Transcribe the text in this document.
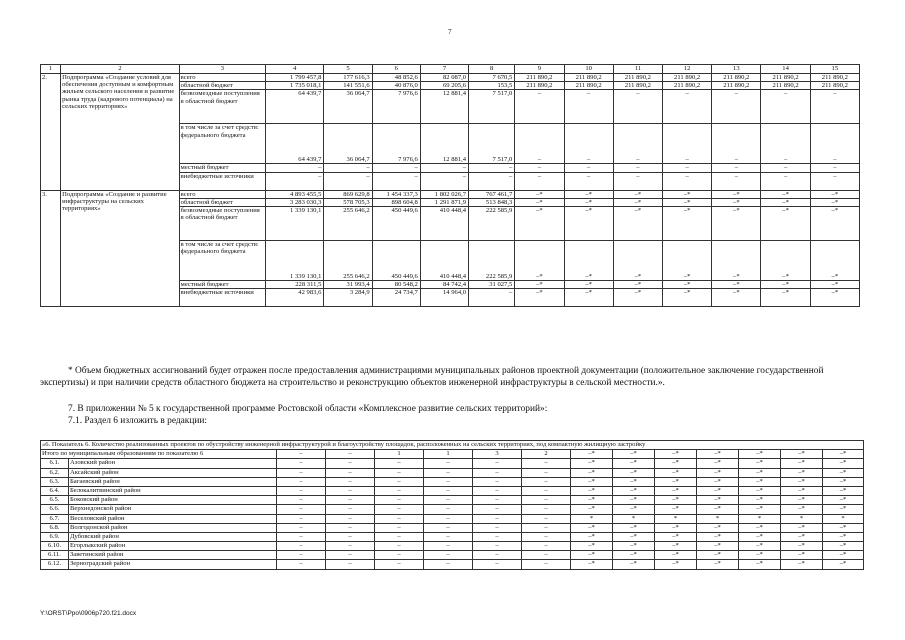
7
1	2	3	4	5	6	7	8	9	10	11	12	13	14	15
2.	Подпрограмма «Создание условий для обеспечения доступным и комфортным жильем сельского населения и развитие рынка труда (кадрового потенциала) на сельских территориях»	всего	1 799 457,8	177 616,3	48 852,6	82 087,0	7 670,5	211 890,2	211 890,2	211 890,2	211 890,2	211 890,2	211 890,2	211 890,2
		областной бюджет	1 735 018,1	141 551,6	40 876,0	69 205,6	153,5	211 890,2	211 890,2	211 890,2	211 890,2	211 890,2	211 890,2	211 890,2
		безвозмездные поступления в областной бюджет	64 439,7	36 064,7	7 976,6	12 881,4	7 517,0	–	–	–	–	–	–	–
		в том числе за счет средств: федерального бюджета	64 439,7	36 064,7	7 976,6	12 881,4	7 517,0	–	–	–	–	–	–	–
		местный бюджет	–	–	–	–	–	–	–	–	–	–	–	–
		внебюджетные источники	–	–	–	–	–	–	–	–	–	–	–	–
3.	Подпрограмма «Создание и развитие инфраструктуры на сельских территориях»	всего	4 893 455,5	869 629,8	1 454 337,3	1 802 026,7	767 461,7	–*	–*	–*	–*	–*	–*	–*
		областной бюджет	3 283 030,3	578 705,3	898 604,8	1 291 871,9	513 848,3	–*	–*	–*	–*	–*	–*	–*
		безвозмездные поступления в областной бюджет	1 339 130,1	255 646,2	450 449,6	410 448,4	222 585,9	–*	–*	–*	–*	–*	–*	–*
		в том числе за счет средств: федерального бюджета	1 339 130,1	255 646,2	450 449,6	410 448,4	222 585,9	–*	–*	–*	–*	–*	–*	–*
		местный бюджет	228 311,5	31 993,4	80 548,2	84 742,4	31 027,5	–*	–*	–*	–*	–*	–*	–*
		внебюджетные источники	42 983,6	3 284,9	24 734,7	14 964,0	–	–*	–*	–*	–*	–*	–*	–*
* Объем бюджетных ассигнований будет отражен после предоставления администрациями муниципальных районов проектной документации (положительное заключение государственной экспертизы) и при наличии средств областного бюджета на строительство и реконструкцию объектов инженерной инфраструктуры в сельской местности.».
7. В приложении № 5 к государственной программе Ростовской области «Комплексное развитие сельских территорий»:
7.1. Раздел 6 изложить в редакции:
«6. Показатель 6. Количество реализованных проектов по обустройству инженерной инфраструктурой и благоустройству площадок, расположенных на сельских территориях, под компактную жилищную застройку														
Итого по муниципальным образованиям по показателю 6		–	–	1	1	3	2	–*	–*	–*	–*	–*	–*	–*
6.1.	Азовский район	–	–	–	–	–	–	–*	–*	–*	–*	–*	–*	–*
6.2.	Аксайский район	–	–	–	–	–	–	–*	–*	–*	–*	–*	–*	–*
6.3.	Багаевский район	–	–	–	–	–	–	–*	–*	–*	–*	–*	–*	–*
6.4.	Белокалитвинский район	–	–	–	–	–	–	–*	–*	–*	–*	–*	–*	–*
6.5.	Боковский район	–	–	–	–	–	–	–*	–*	–*	–*	–*	–*	–*
6.6.	Верхнедонской район	–	–	–	–	–	–	–*	–*	–*	–*	–*	–*	–*
6.7.	Веселовский район	–	–	–	–	–	–	*	*	*	*	*	*	*
6.8.	Волгодонской район	–	–	–	–	–	–	–*	–*	–*	–*	–*	–*	–*
6.9.	Дубовский район	–	–	–	–	–	–	–*	–*	–*	–*	–*	–*	–*
6.10.	Егорлыкский район	–	–	–	–	–	–	–*	–*	–*	–*	–*	–*	–*
6.11.	Заветинский район	–	–	–	–	–	–	–*	–*	–*	–*	–*	–*	–*
6.12.	Зерноградский район	–	–	–	–	–	–	–*	–*	–*	–*	–*	–*	–*
Y:\ORST\Ppo\0906p720.f21.docx
